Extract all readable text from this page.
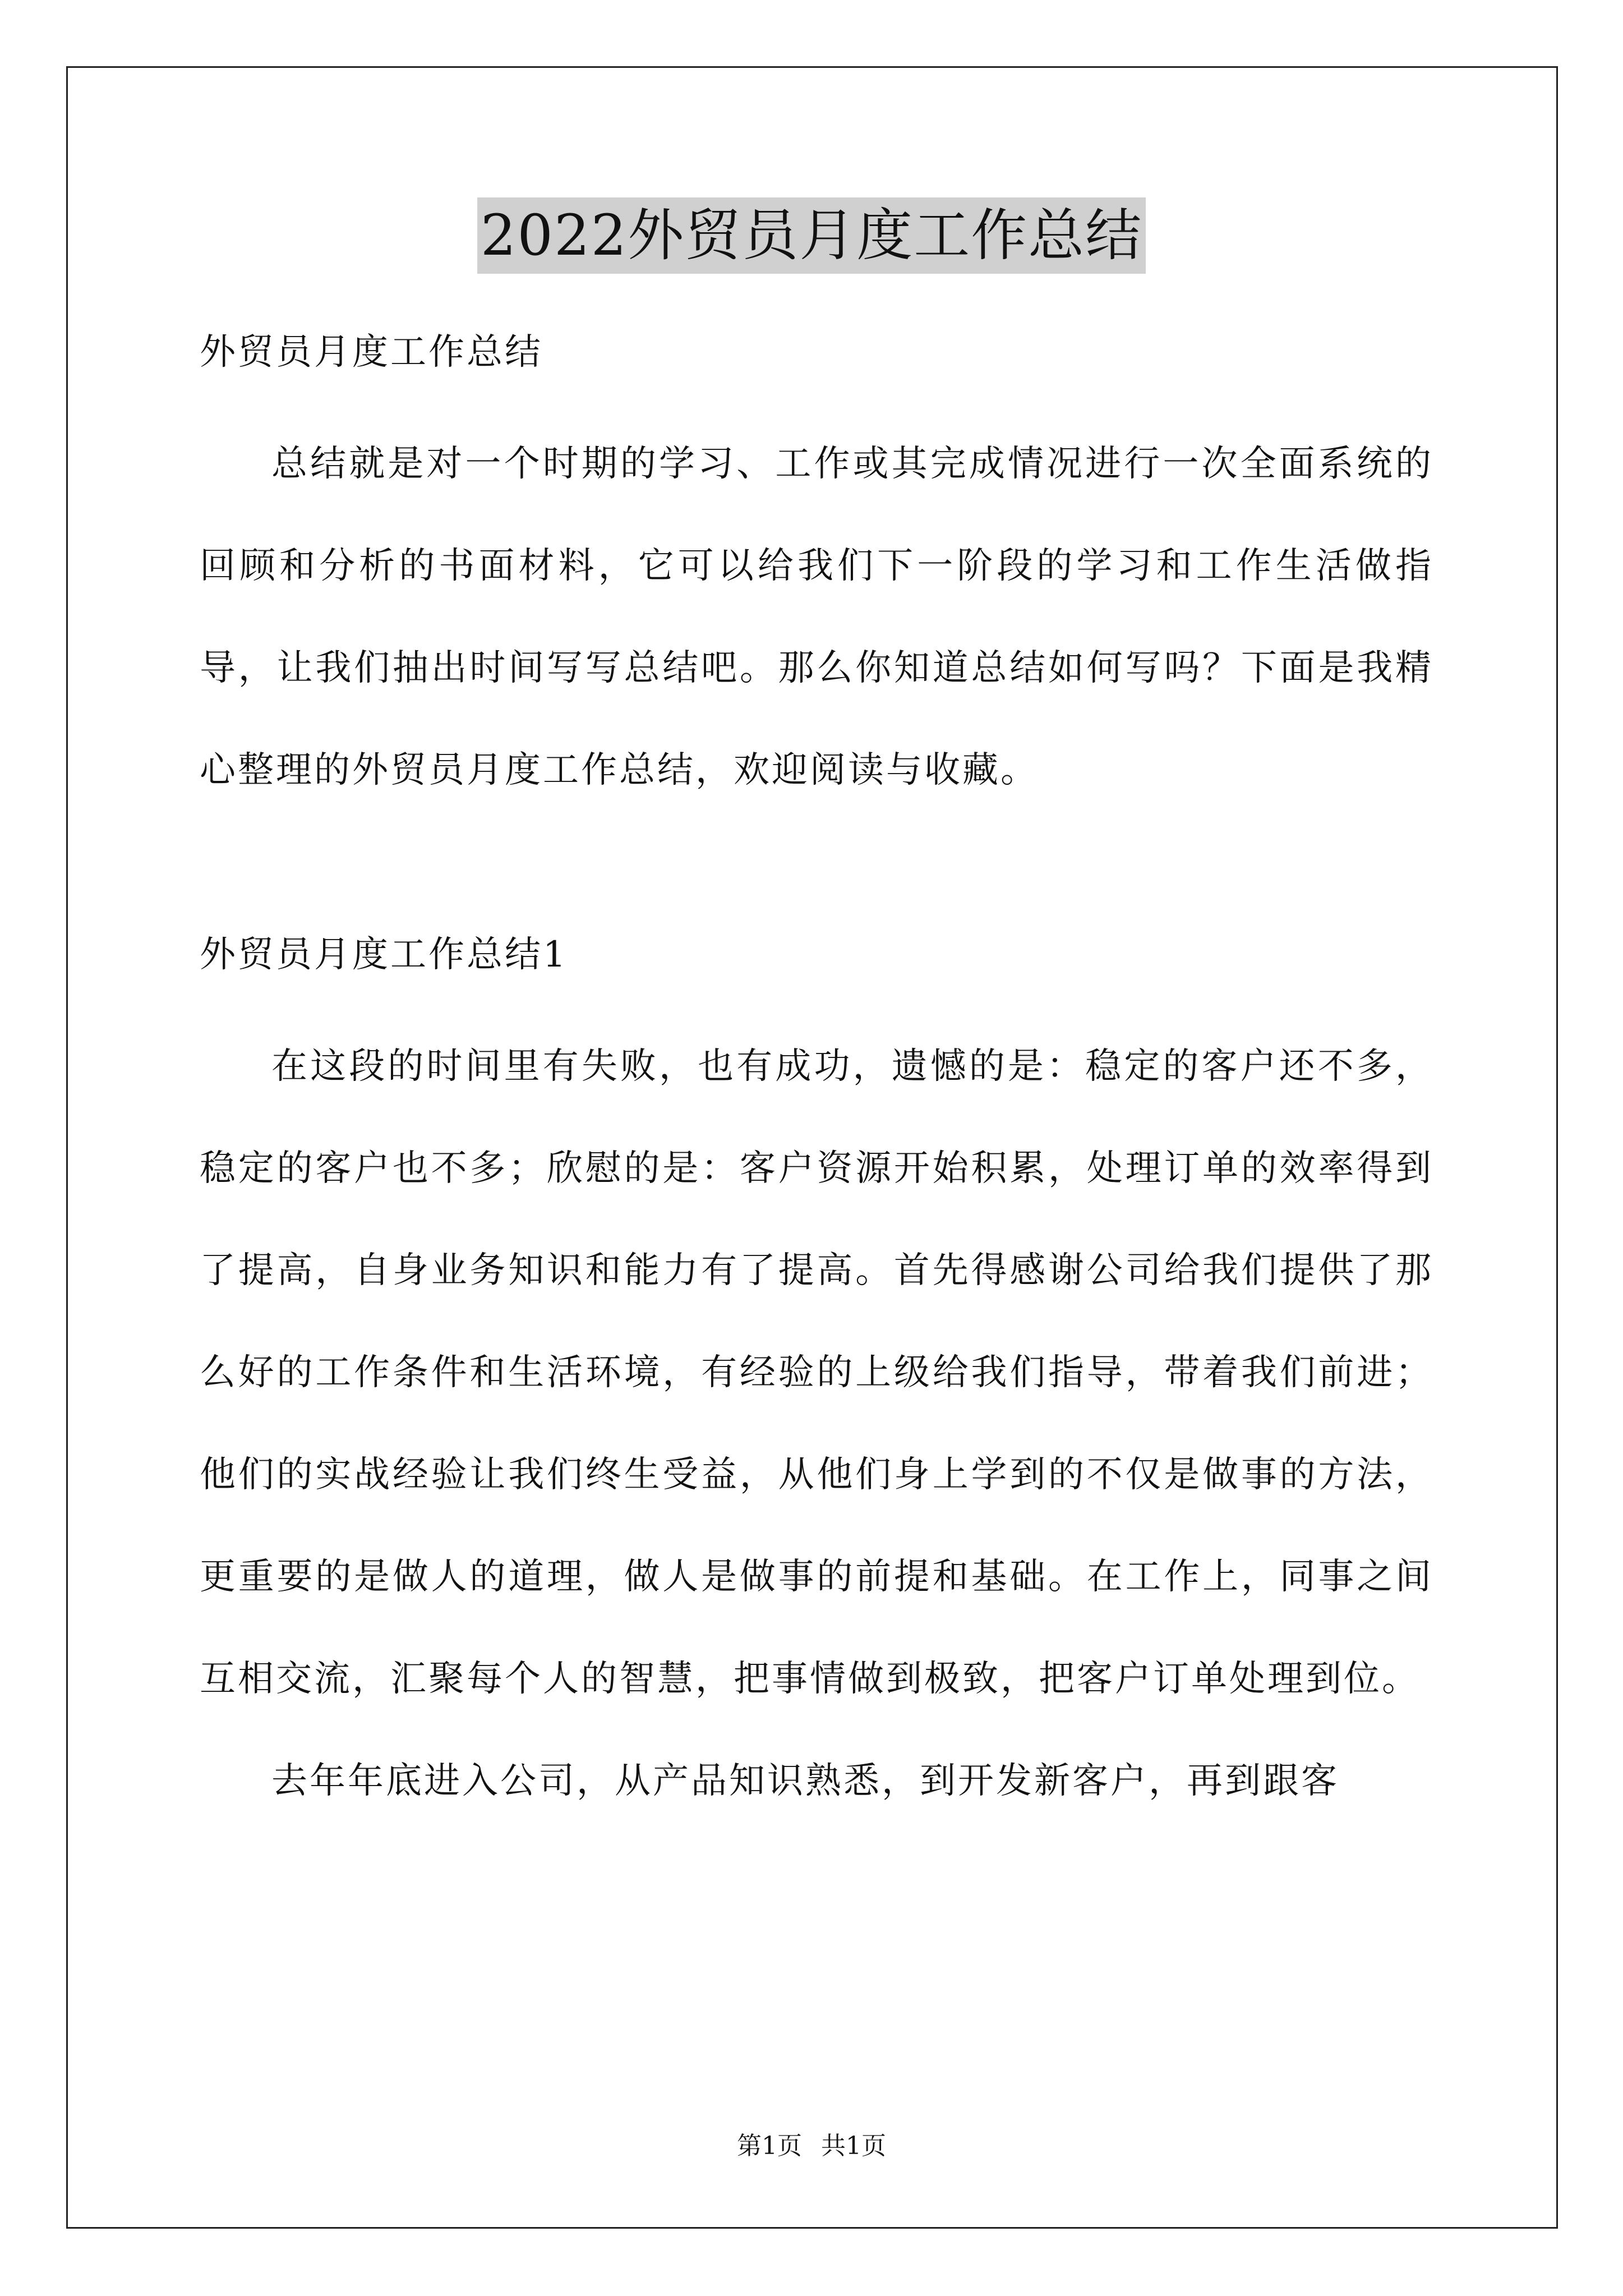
2022外贸员月度工作总结

外贸员月度工作总结

总结就是对一个时期的学习、工作或其完成情况进行一次全面系统的回顾和分析的书面材料，它可以给我们下一阶段的学习和工作生活做指导，让我们抽出时间写写总结吧。那么你知道总结如何写吗？下面是我精心整理的外贸员月度工作总结，欢迎阅读与收藏。

外贸员月度工作总结1

在这段的时间里有失败，也有成功，遗憾的是：稳定的客户还不多，稳定的客户也不多；欣慰的是：客户资源开始积累，处理订单的效率得到了提高，自身业务知识和能力有了提高。首先得感谢公司给我们提供了那么好的工作条件和生活环境，有经验的上级给我们指导，带着我们前进；他们的实战经验让我们终生受益，从他们身上学到的不仅是做事的方法，更重要的是做人的道理，做人是做事的前提和基础。在工作上，同事之间互相交流，汇聚每个人的智慧，把事情做到极致，把客户订单处理到位。

去年年底进入公司，从产品知识熟悉，到开发新客户，再到跟客

第1页 共1页
